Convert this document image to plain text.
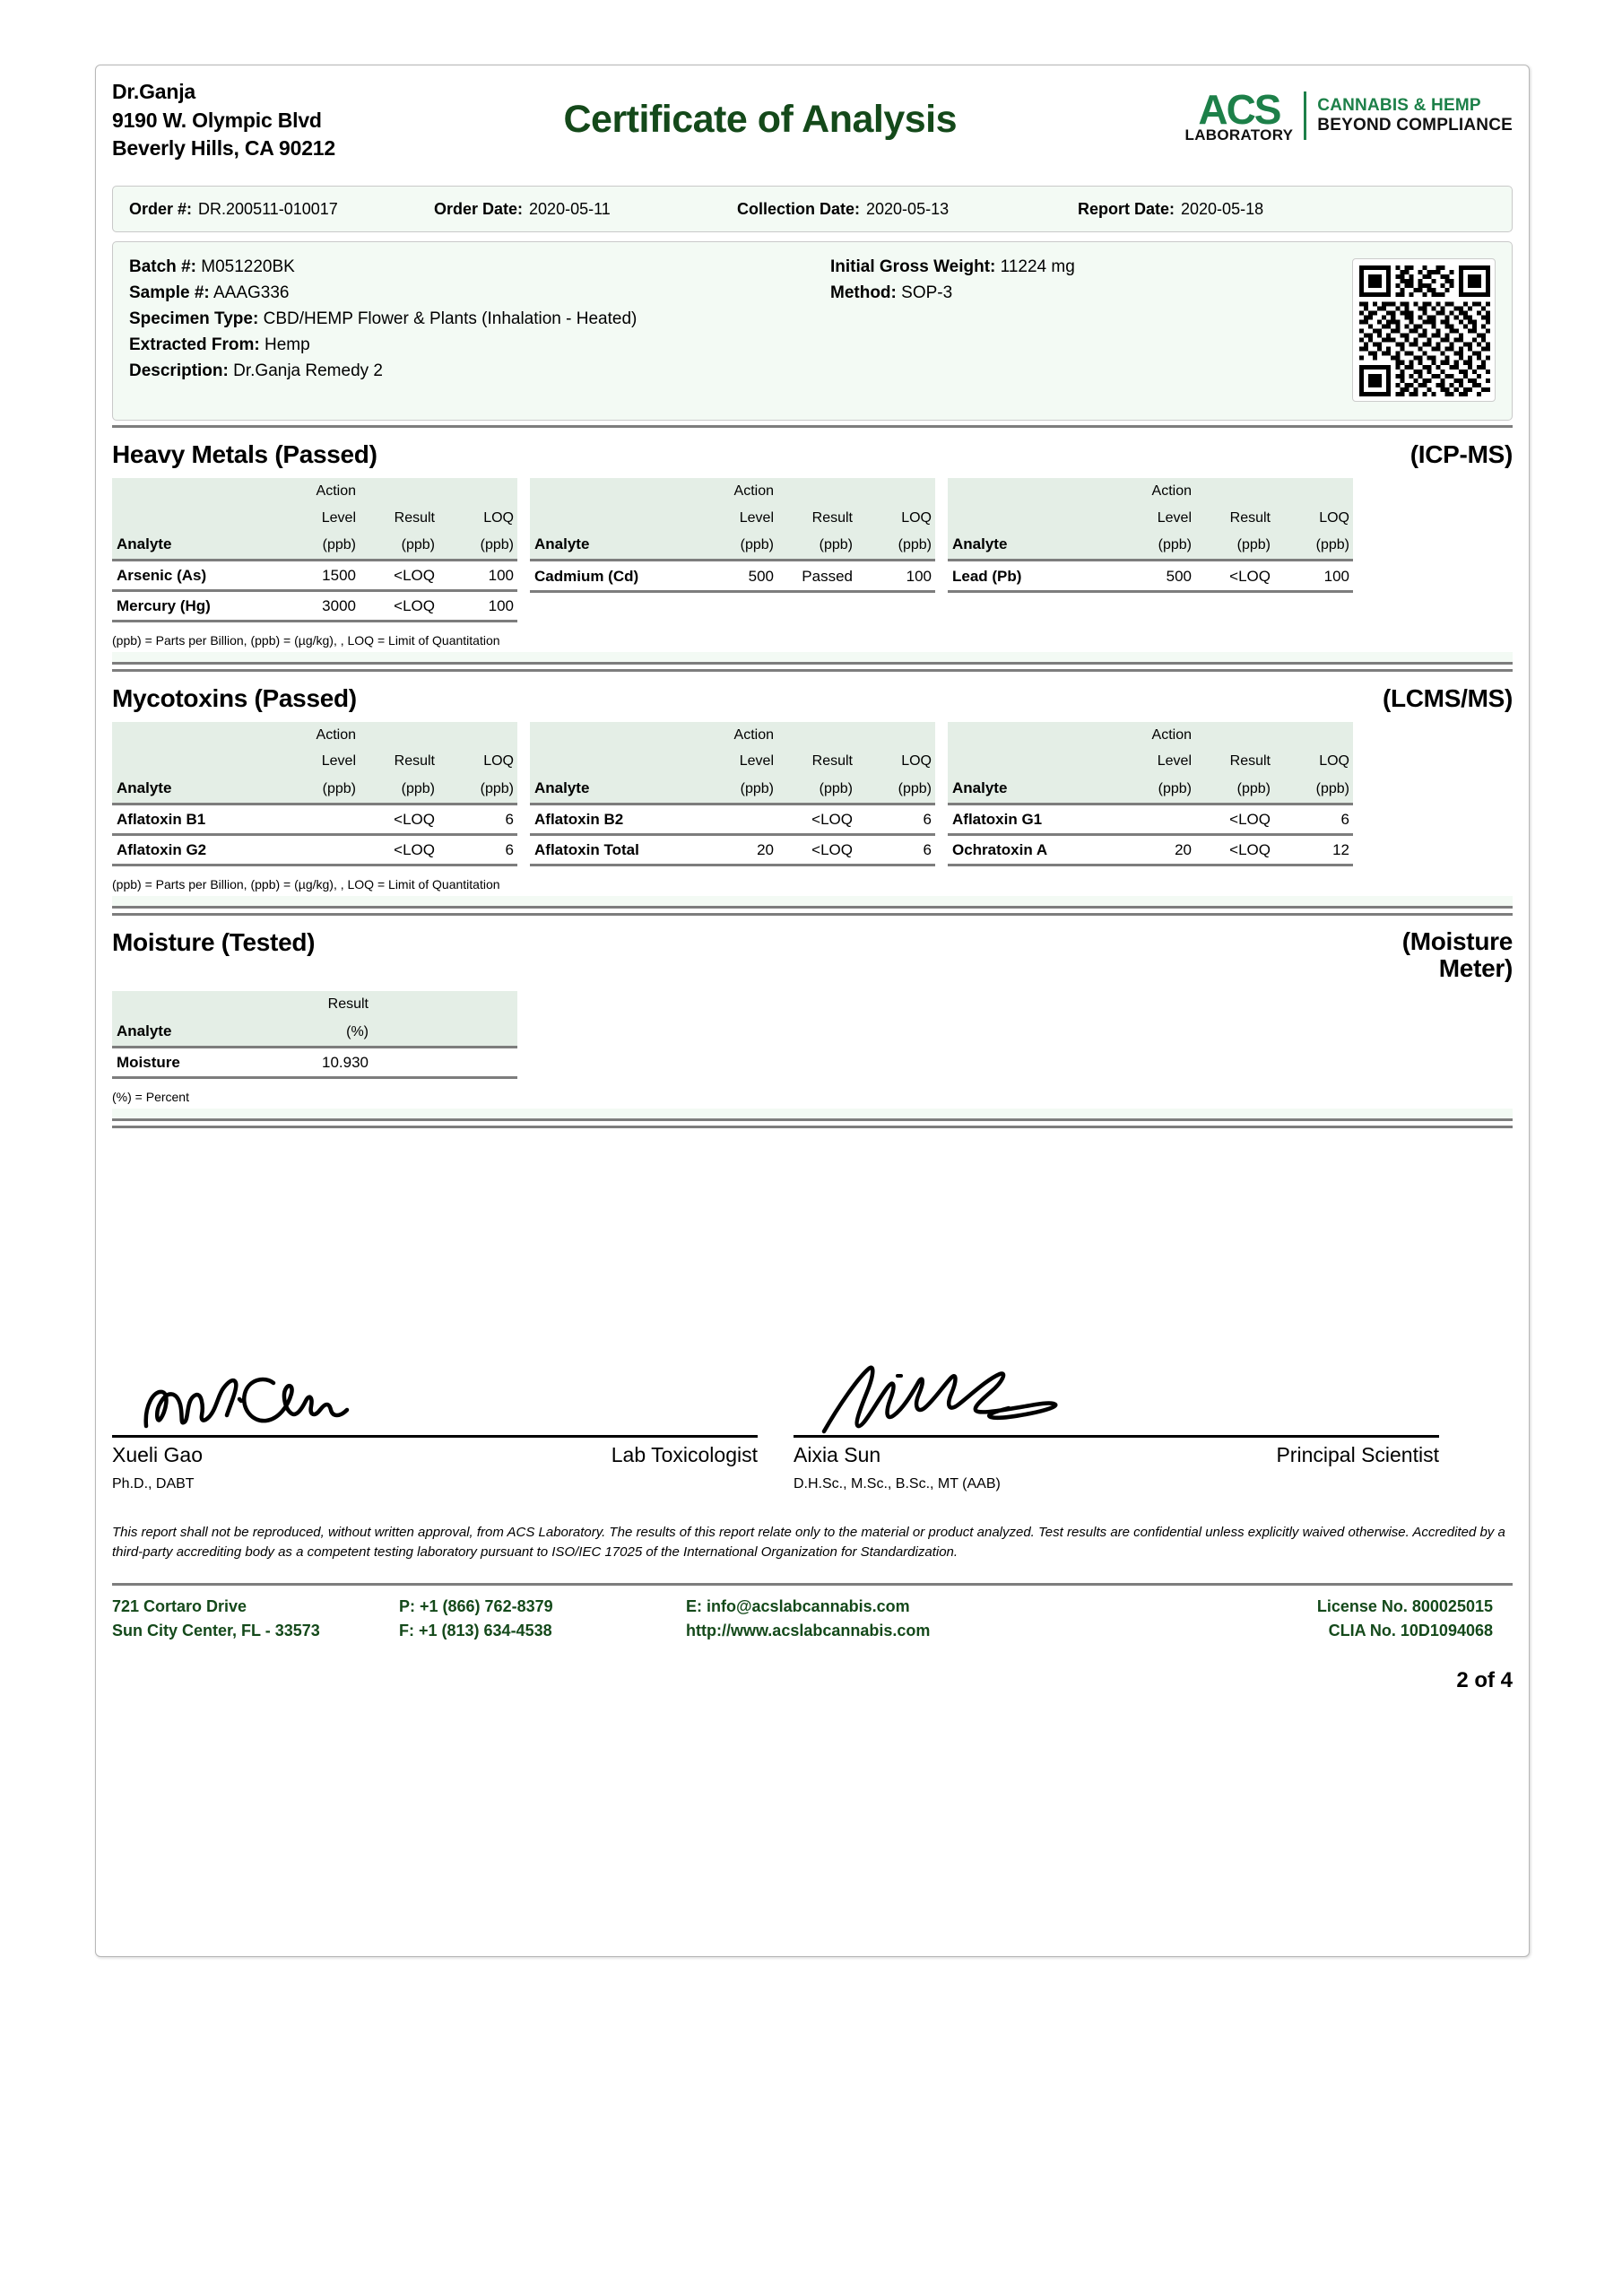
Dr.Ganja
9190 W. Olympic Blvd
Beverly Hills, CA 90212
Certificate of Analysis	ACS
LABORATORY
CANNABIS & HEMP
BEYOND COMPLIANCE
Order #: DR.200511-010017	Order Date: 2020-05-11	Collection Date: 2020-05-13	Report Date: 2020-05-18
Batch #: M051220BK
Sample #: AAAG336
Specimen Type: CBD/HEMP Flower & Plants (Inhalation - Heated)
Extracted From: Hemp
Description: Dr.Ganja Remedy 2
Initial Gross Weight: 11224 mg
Method: SOP-3
Heavy Metals (Passed)	(ICP-MS)
	Action		
	Level	Result	LOQ
Analyte	(ppb)	(ppb)	(ppb)
Arsenic (As)	1500	<LOQ	100
Mercury (Hg)	3000	<LOQ	100
	Action		
	Level	Result	LOQ
Analyte	(ppb)	(ppb)	(ppb)
Cadmium (Cd)	500	Passed	100

	Action		
	Level	Result	LOQ
Analyte	(ppb)	(ppb)	(ppb)
Lead (Pb)	500	<LOQ	100

(ppb) = Parts per Billion, (ppb) = (µg/kg), , LOQ = Limit of Quantitation
Mycotoxins (Passed)	(LCMS/MS)
	Action		
	Level	Result	LOQ
Analyte	(ppb)	(ppb)	(ppb)
Aflatoxin B1		<LOQ	6
Aflatoxin G2		<LOQ	6
	Action		
	Level	Result	LOQ
Analyte	(ppb)	(ppb)	(ppb)
Aflatoxin B2		<LOQ	6
Aflatoxin Total	20	<LOQ	6
	Action		
	Level	Result	LOQ
Analyte	(ppb)	(ppb)	(ppb)
Aflatoxin G1		<LOQ	6
Ochratoxin A	20	<LOQ	12
(ppb) = Parts per Billion, (ppb) = (µg/kg), , LOQ = Limit of Quantitation
Moisture (Tested)	(Moisture
Meter)
	Result	
Analyte	(%)	
Moisture	10.930	
(%) = Percent
Xueli Gao	Lab Toxicologist
Ph.D., DABT
Aixia Sun	Principal Scientist
D.H.Sc., M.Sc., B.Sc., MT (AAB)
This report shall not be reproduced, without written approval, from ACS Laboratory. The results of this report relate only to the material or product analyzed. Test results are confidential unless explicitly waived otherwise. Accredited by a third-party accrediting body as a competent testing laboratory pursuant to ISO/IEC 17025 of the International Organization for Standardization.
721 Cortaro Drive
Sun City Center, FL - 33573
P: +1 (866) 762-8379
F: +1 (813) 634-4538
E: info@acslabcannabis.com
http://www.acslabcannabis.com
License No. 800025015
CLIA No. 10D1094068
2 of 4
